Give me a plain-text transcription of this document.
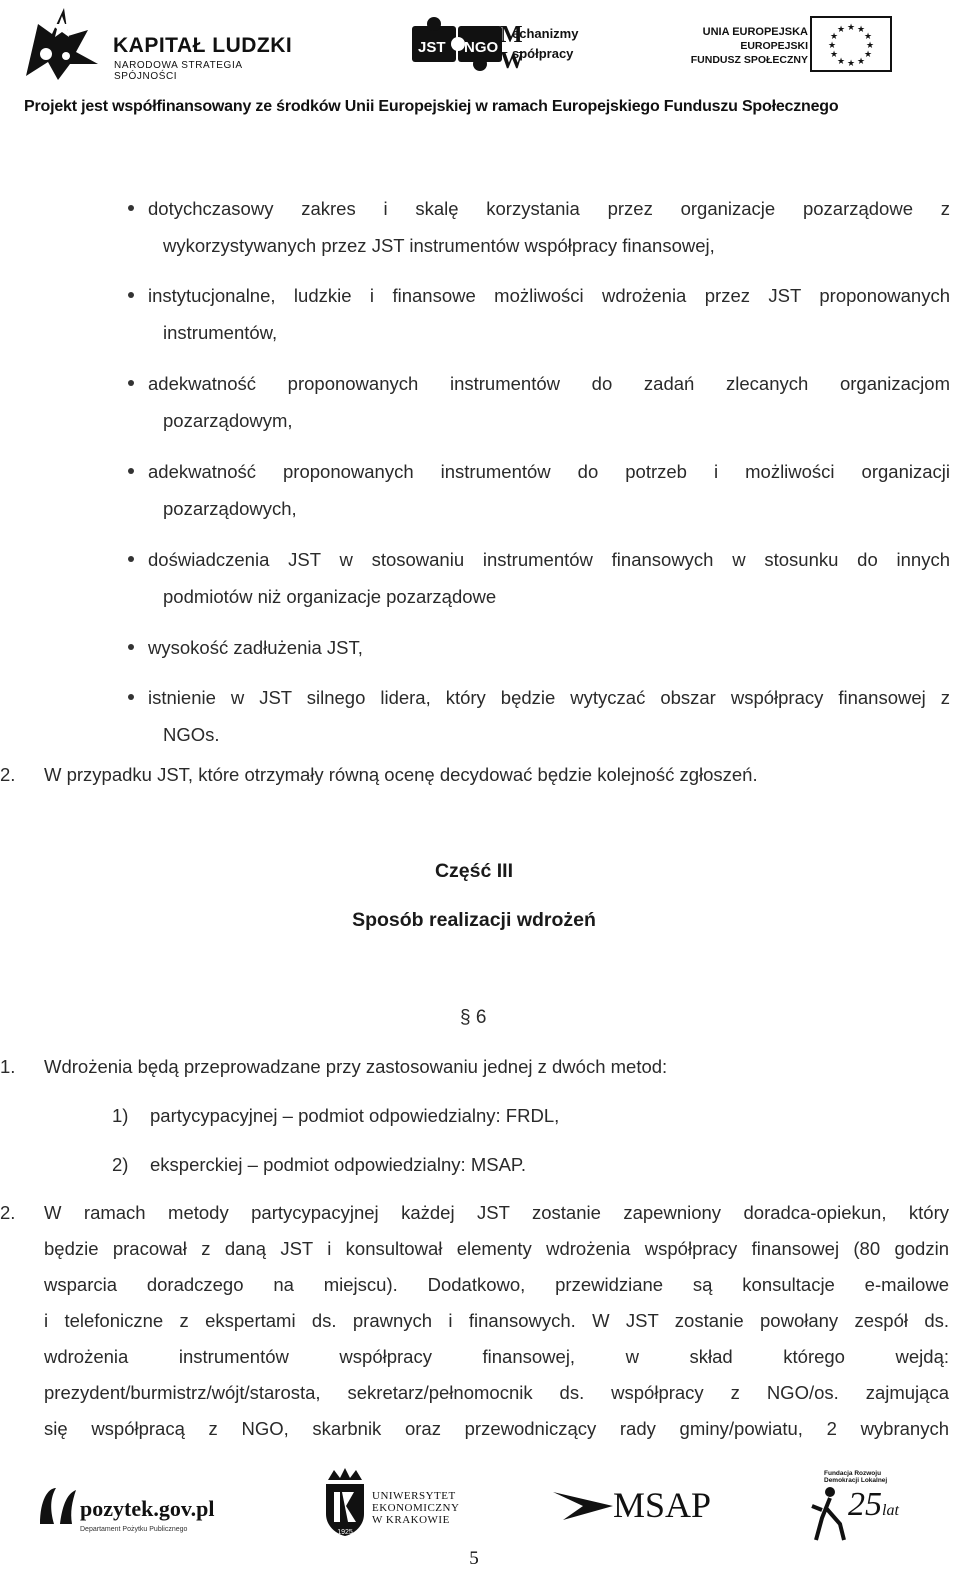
KAPITAŁ LUDZKI
NARODOWA STRATEGIA SPÓJNOŚCI
JST NGO M
W
echanizmy
spółpracy
UNIA EUROPEJSKA
EUROPEJSKI
FUNDUSZ SPOŁECZNY
★ ★
★
★
★
★
★
★
★
★
★
★
Projekt jest współfinansowany ze środków Unii Europejskiej w ramach Europejskiego Funduszu Społecznego
dotychczasowy zakres i skalę korzystania przez organizacje pozarządowe z
wykorzystywanych przez JST instrumentów współpracy finansowej,
instytucjonalne, ludzkie i finansowe możliwości wdrożenia przez JST proponowanych
instrumentów,
adekwatność proponowanych instrumentów do zadań zlecanych organizacjom
pozarządowym,
adekwatność proponowanych instrumentów do potrzeb i możliwości organizacji
pozarządowych,
doświadczenia JST w stosowaniu instrumentów finansowych w stosunku do innych
podmiotów niż organizacje pozarządowe
wysokość zadłużenia JST,
istnienie w JST silnego lidera, który będzie wytyczać obszar współpracy finansowej z
NGOs.
2. W przypadku JST, które otrzymały równą ocenę decydować będzie kolejność zgłoszeń.
Część III
Sposób realizacji wdrożeń
§ 6
1. Wdrożenia będą przeprowadzane przy zastosowaniu jednej z dwóch metod:
1) partycypacyjnej – podmiot odpowiedzialny: FRDL,
2) eksperckiej – podmiot odpowiedzialny: MSAP.
2. W ramach metody partycypacyjnej każdej JST zostanie zapewniony doradca-opiekun, który
będzie pracował z daną JST i konsultował elementy wdrożenia współpracy finansowej (80 godzin
wsparcia doradczego na miejscu). Dodatkowo, przewidziane są konsultacje e-mailowe
i telefoniczne z ekspertami ds. prawnych i finansowych. W JST zostanie powołany zespół ds.
wdrożenia instrumentów współpracy finansowej, w skład którego wejdą:
prezydent/burmistrz/wójt/starosta, sekretarz/pełnomocnik ds. współpracy z NGO/os. zajmująca
się współpracą z NGO, skarbnik oraz przewodniczący rady gminy/powiatu, 2 wybranych
pozytek.gov.pl
Departament Pożytku Publicznego	1925
UNIWERSYTET
EKONOMICZNY
W KRAKOWIE	MSAP
Fundacja Rozwoju
Demokracji Lokalnej
25lat
5
